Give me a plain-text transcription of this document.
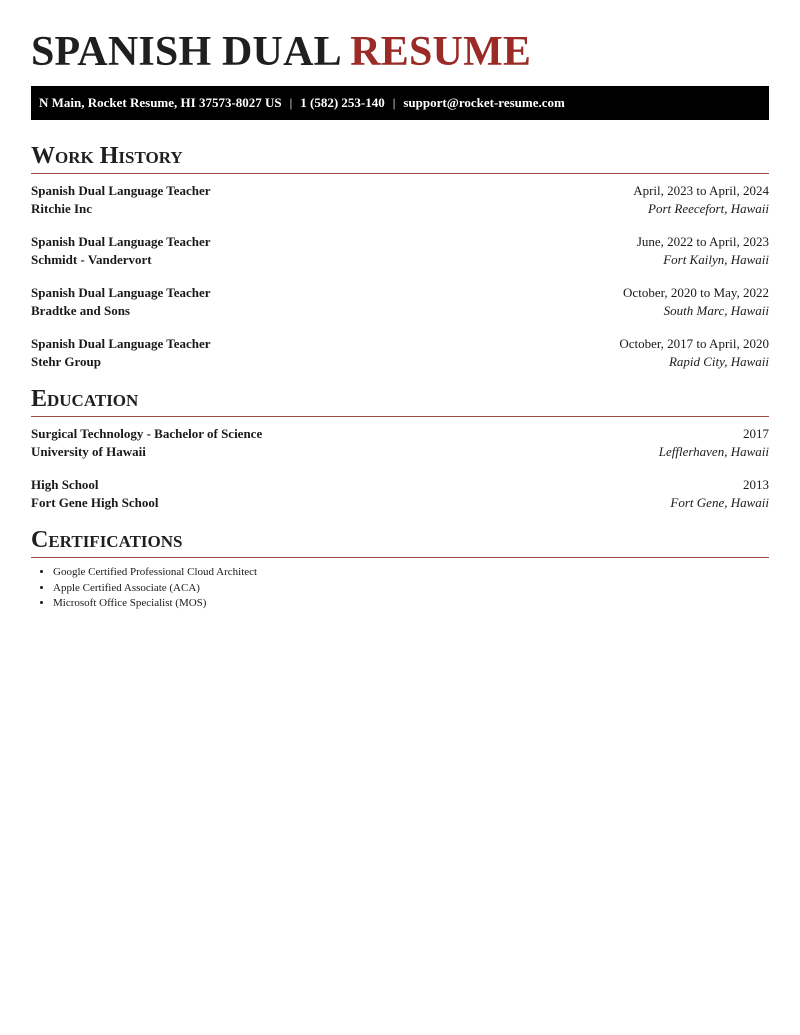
SPANISH DUAL RESUME
N Main, Rocket Resume, HI 37573-8027 US | 1 (582) 253-140 | support@rocket-resume.com
Work History
Spanish Dual Language Teacher	April, 2023 to April, 2024
Ritchie Inc	Port Reecefort, Hawaii
Spanish Dual Language Teacher	June, 2022 to April, 2023
Schmidt - Vandervort	Fort Kailyn, Hawaii
Spanish Dual Language Teacher	October, 2020 to May, 2022
Bradtke and Sons	South Marc, Hawaii
Spanish Dual Language Teacher	October, 2017 to April, 2020
Stehr Group	Rapid City, Hawaii
Education
Surgical Technology - Bachelor of Science	2017
University of Hawaii	Lefflerhaven, Hawaii
High School	2013
Fort Gene High School	Fort Gene, Hawaii
Certifications
• Google Certified Professional Cloud Architect
• Apple Certified Associate (ACA)
• Microsoft Office Specialist (MOS)
